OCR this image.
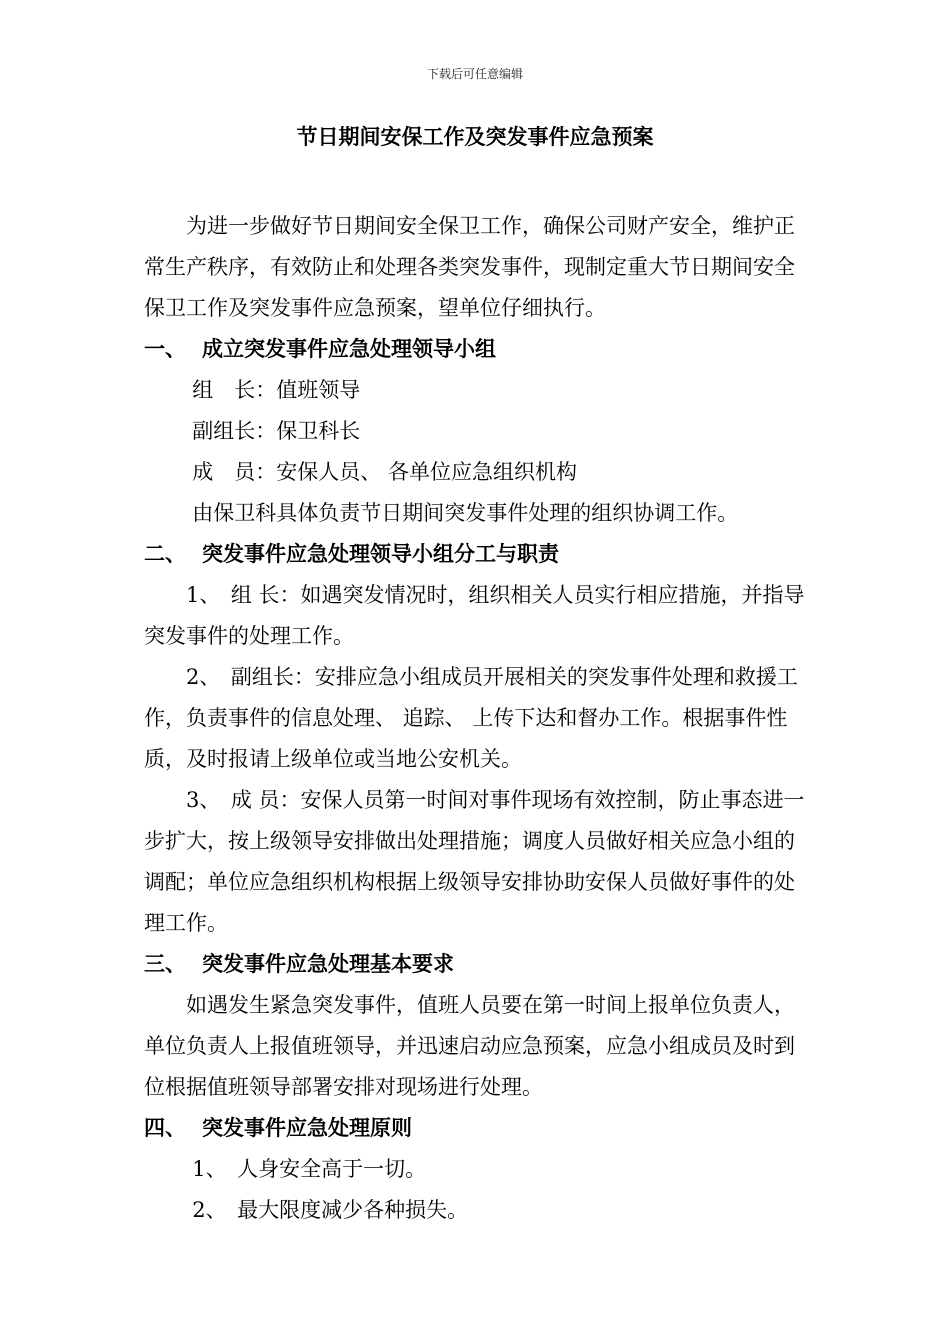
下载后可任意编辑
节日期间安保工作及突发事件应急预案

为进一步做好节日期间安全保卫工作，确保公司财产安全，维护正常生产秩序，有效防止和处理各类突发事件，现制定重大节日期间安全保卫工作及突发事件应急预案，望单位仔细执行。

一、 成立突发事件应急处理领导小组

组　长：值班领导

副组长：保卫科长

成　员：安保人员、 各单位应急组织机构

由保卫科具体负责节日期间突发事件处理的组织协调工作。

二、 突发事件应急处理领导小组分工与职责

1、　组 长：如遇突发情况时，组织相关人员实行相应措施，并指导突发事件的处理工作。

2、　副组长：安排应急小组成员开展相关的突发事件处理和救援工作，负责事件的信息处理、 追踪、 上传下达和督办工作。根据事件性质，及时报请上级单位或当地公安机关。

3、　成 员：安保人员第一时间对事件现场有效控制，防止事态进一步扩大，按上级领导安排做出处理措施；调度人员做好相关应急小组的调配；单位应急组织机构根据上级领导安排协助安保人员做好事件的处理工作。

三、 突发事件应急处理基本要求

如遇发生紧急突发事件，值班人员要在第一时间上报单位负责人，单位负责人上报值班领导，并迅速启动应急预案，应急小组成员及时到位根据值班领导部署安排对现场进行处理。

四、 突发事件应急处理原则

1、　人身安全高于一切。

2、　最大限度减少各种损失。
